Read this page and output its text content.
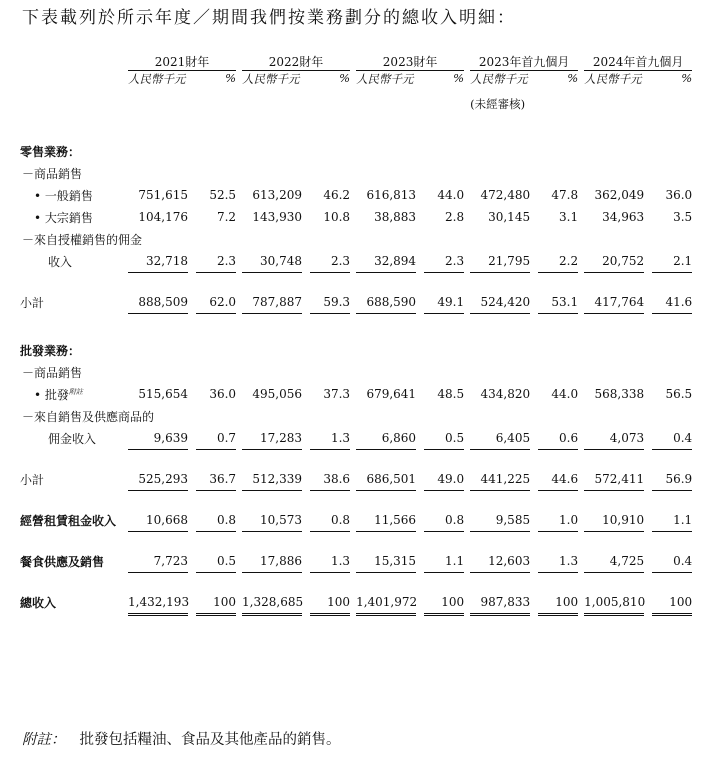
下表載列於所示年度／期間我們按業務劃分的總收入明細：
	2021財年				2022財年				2023財年				2023年首九個月				2024年首九個月		
	人民幣千元		%		人民幣千元		%		人民幣千元		%		人民幣千元		%		人民幣千元		%
													(未經審核)						

零售業務：																			
－商品銷售																			
• 一般銷售	751,615		52.5		613,209		46.2		616,813		44.0		472,480		47.8		362,049		36.0
• 大宗銷售	104,176		7.2		143,930		10.8		38,883		2.8		30,145		3.1		34,963		3.5
－來自授權銷售的佣金																			
收入	32,718		2.3		30,748		2.3		32,894		2.3		21,795		2.2		20,752		2.1

小計	888,509		62.0		787,887		59.3		688,590		49.1		524,420		53.1		417,764		41.6

批發業務：																			
－商品銷售																			
• 批發$^{附註}$	515,654		36.0		495,056		37.3		679,641		48.5		434,820		44.0		568,338		56.5
－來自銷售及供應商品的																			
佣金收入	9,639		0.7		17,283		1.3		6,860		0.5		6,405		0.6		4,073		0.4

小計	525,293		36.7		512,339		38.6		686,501		49.0		441,225		44.6		572,411		56.9

經營租賃租金收入	10,668		0.8		10,573		0.8		11,566		0.8		9,585		1.0		10,910		1.1

餐食供應及銷售	7,723		0.5		17,886		1.3		15,315		1.1		12,603		1.3		4,725		0.4

總收入	1,432,193		100		1,328,685		100		1,401,972		100		987,833		100		1,005,810		100
附註： 批發包括糧油、食品及其他產品的銷售。
